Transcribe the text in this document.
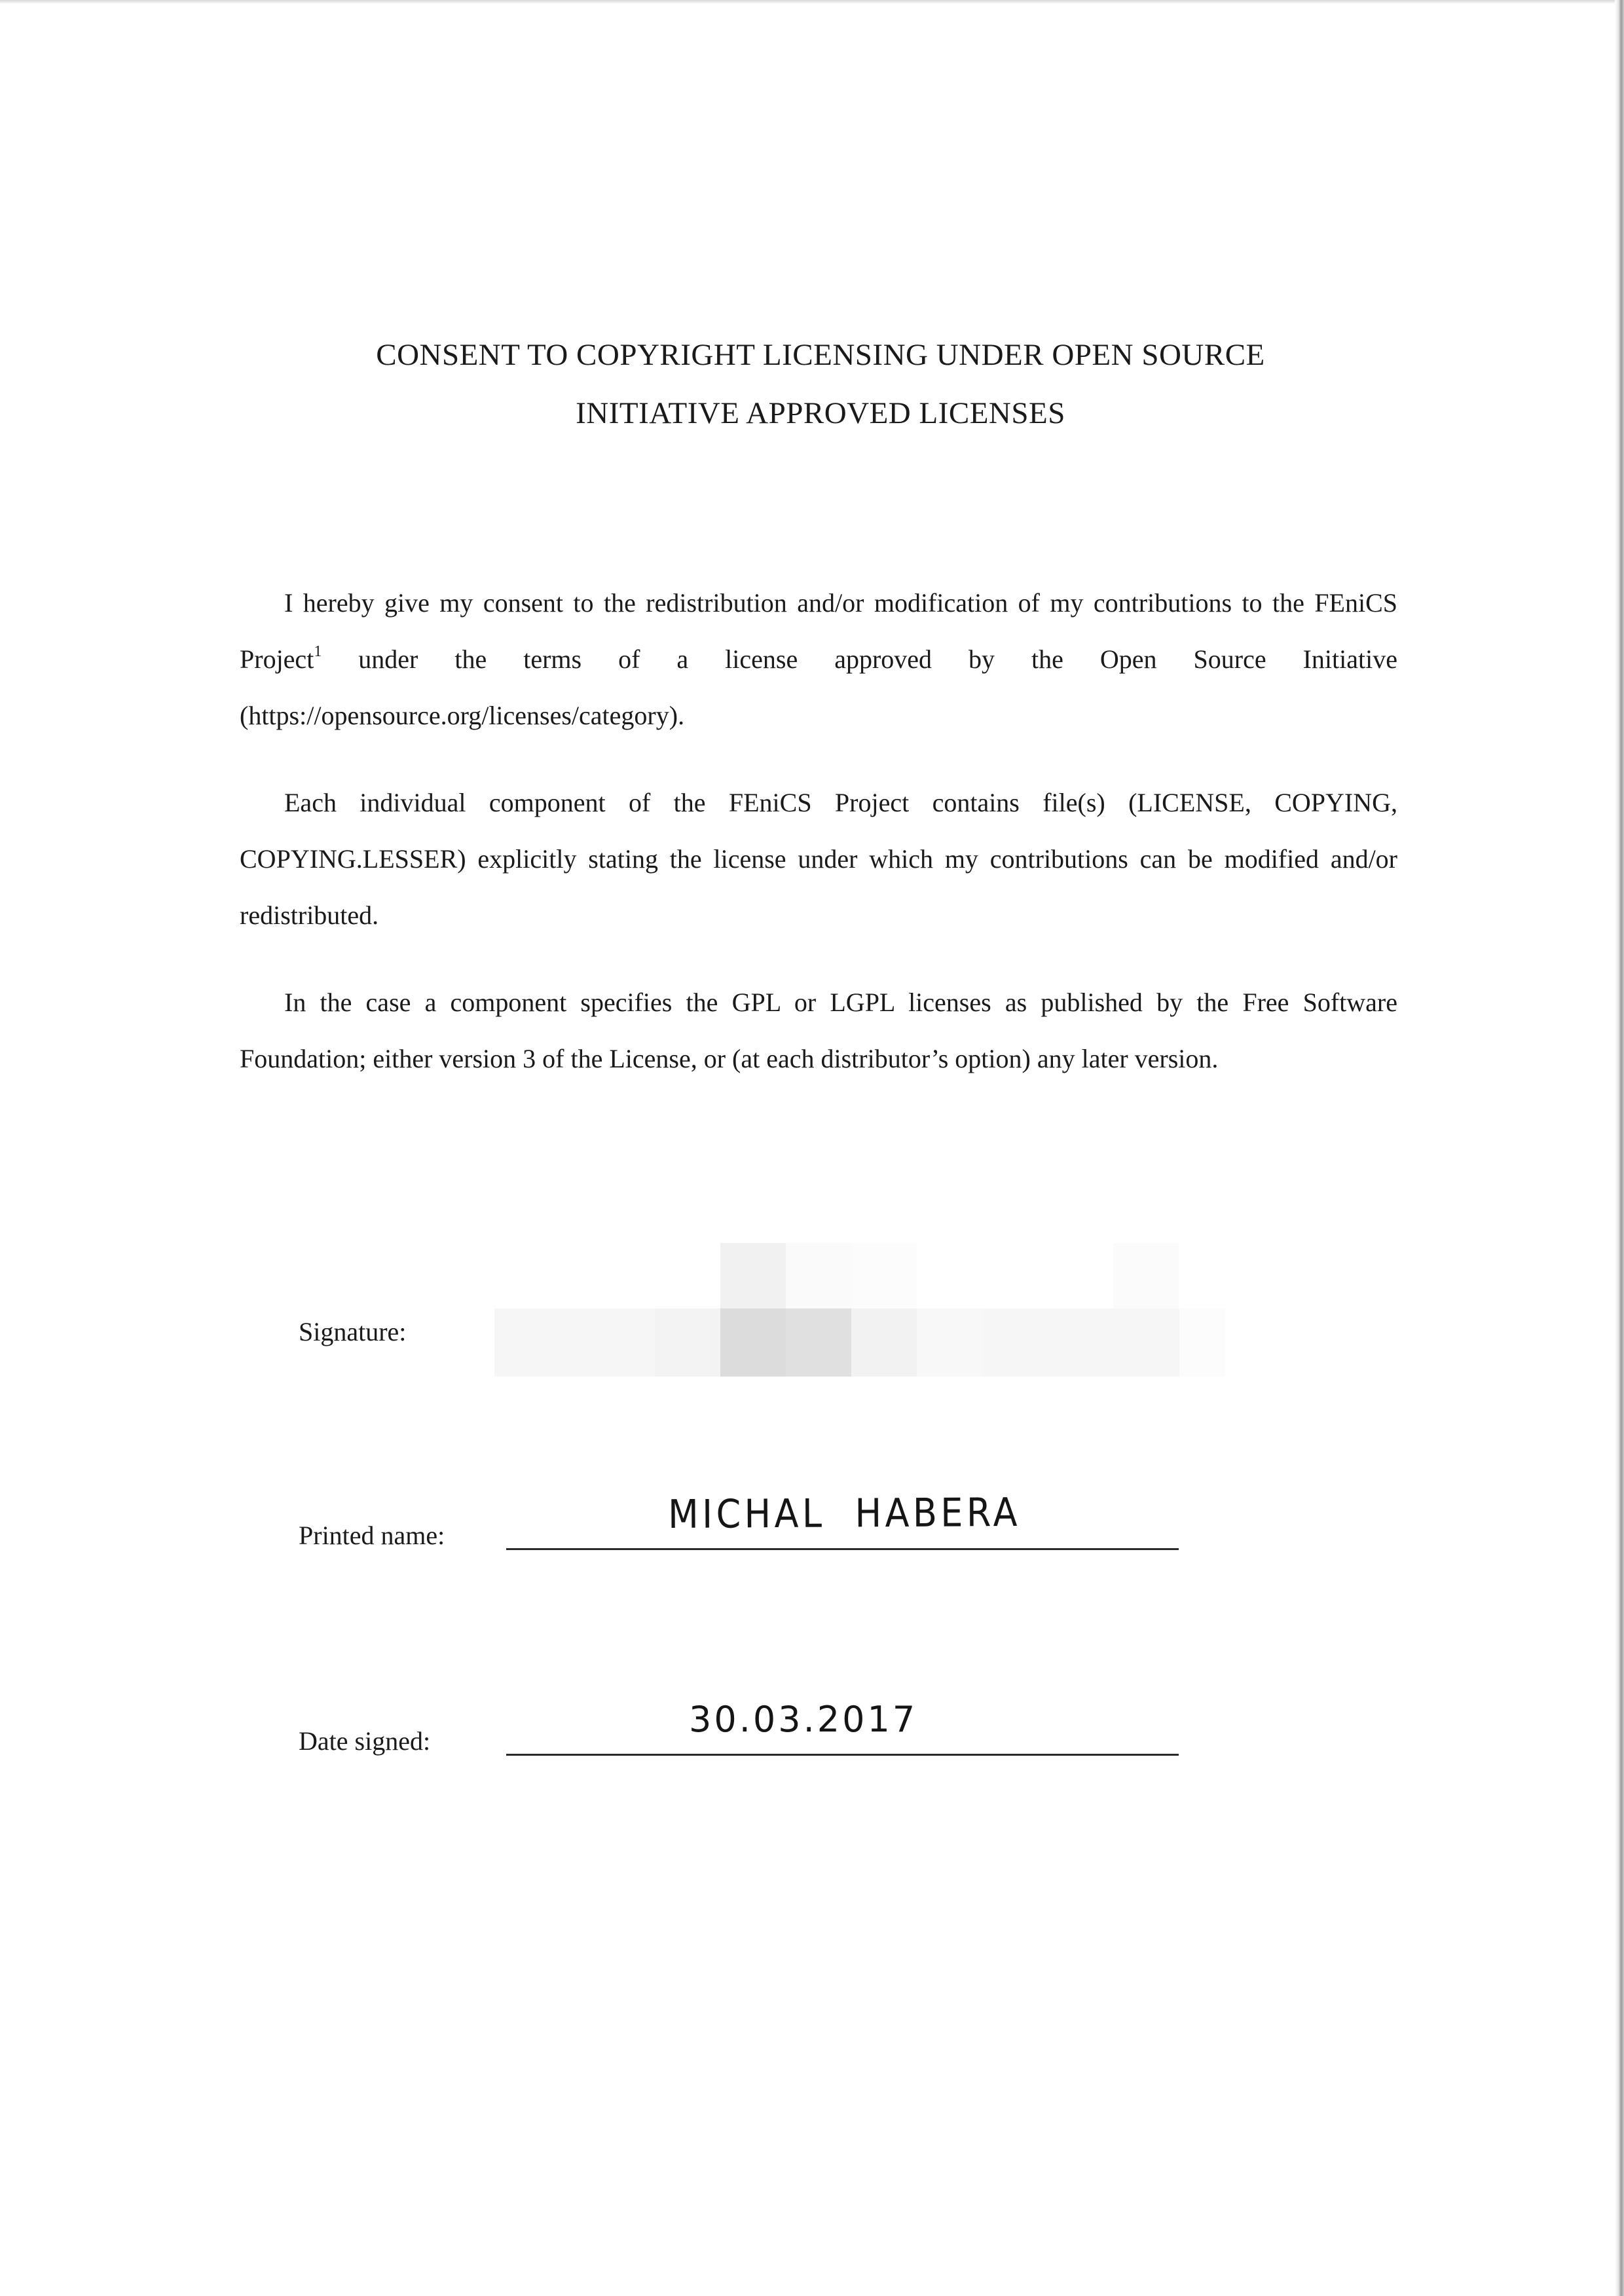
CONSENT TO COPYRIGHT LICENSING UNDER OPEN SOURCE
INITIATIVE APPROVED LICENSES

I hereby give my consent to the redistribution and/or modification of my contributions to the FEniCS Project$^1$ under the terms of a license approved by the Open Source Initiative (https://opensource.org/licenses/category).

Each individual component of the FEniCS Project contains file(s) (LICENSE, COPYING, COPYING.LESSER) explicitly stating the license under which my contributions can be modified and/or redistributed.

In the case a component specifies the GPL or LGPL licenses as published by the Free Software Foundation; either version 3 of the License, or (at each distributor’s option) any later version.

Signature:

Printed name:	MICHAL  HABERA

Date signed:

30.03.2017
